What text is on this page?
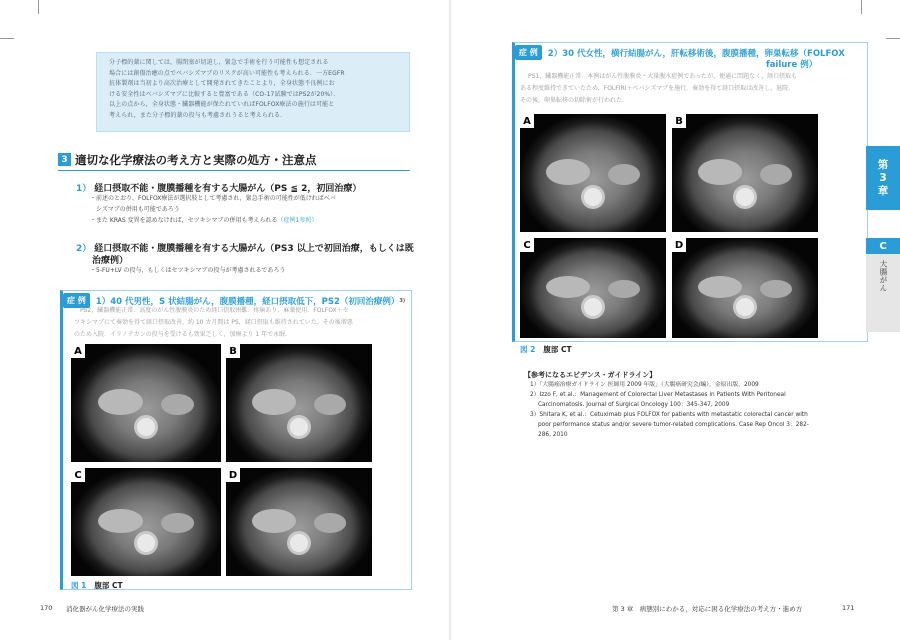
分子標的薬に関しては，腸閉塞が切迫し，緊急で手術を行う可能性も想定される

場合には創傷治癒の点でベバシズマブのリスクが高い可能性も考えられる．一方EGFR

抗体製剤は当初より高次治療として開発されてきたことより，全身状態不良例にお

ける安全性はベバシズマブに比較すると豊富である（CO-17試験ではPS2が20%）．

以上の点から，全身状態・臓器機能が保たれていればFOLFOX療法の施行は可能と

考えられ，また分子標的薬の投与も考慮されうると考えられる．

3 適切な化学療法の考え方と実際の処方・注意点
1） 経口摂取不能・腹膜播種を有する大腸がん（PS ≦ 2，初回治療）
・前述のとおり，FOLFOX療法が選択肢として考慮され，緊急手術の可能性が低ければベバ
シズマブの併用も可能であろう
・また KRAS 変異を認めなければ，セツキシマブの併用も考えられる（症例1参照）
2） 経口摂取不能・腹膜播種を有する大腸がん（PS3 以上で初回治療，もしくは既
治療例）
・5-FU+LV の投与，もしくはセツキシマブの投与が考慮されるであろう
症 例	1）40 代男性，S 状結腸がん，腹膜播種，経口摂取低下，PS2（初回治療例） 3)
PS2，臓器機能正常．高度のがん性腹膜炎のため経口摂取困難．疼痛あり，麻薬使用．FOLFOX＋セ
ツキシマブにて奏効を得て経口摂取改善，約 10 カ月間は PS，経口摂取も維持されていた．その後増悪
のため入院．イリノテカンの投与を受けるも効果乏しく，加療より 1 年で永眠．
A	B
C	D
図 1 腹部 CT
170 消化器がん化学療法の実践
症 例	2）30 代女性，横行結腸がん，肝転移術後，腹膜播種，卵巣転移（FOLFOX
failure 例）
PS1，臓器機能正常．本例はがん性腹膜炎・大量腹水症例であったが，便通に問題なく，経口摂取も
ある程度維持できていたため，FOLFIRI＋ベバシズマブを施行．奏効を得て経口摂取は改善し，退院．
その後，卵巣転移の切除術が行われた．
A	B
C	D
図 2 腹部 CT
【参考になるエビデンス・ガイドライン】
1）「大腸癌治療ガイドライン 医師用 2009 年版」（大腸癌研究会/編），金原出版，2009
2）Izzo F, et al.：Management of Colorectal Liver Metastases in Patients With Peritoneal
Carcinomatosis. Journal of Surgical Oncology 100：345-347, 2009
3）Shitara K, et al.：Cetuximab plus FOLFOX for patients with metastatic colorectal cancer with
poor performance status and/or severe tumor-related complications. Case Rep Oncol 3：282-
286, 2010
第
3
章
C
大腸がん
第 3 章　病態別にわかる，対応に困る化学療法の考え方・進め方	171
